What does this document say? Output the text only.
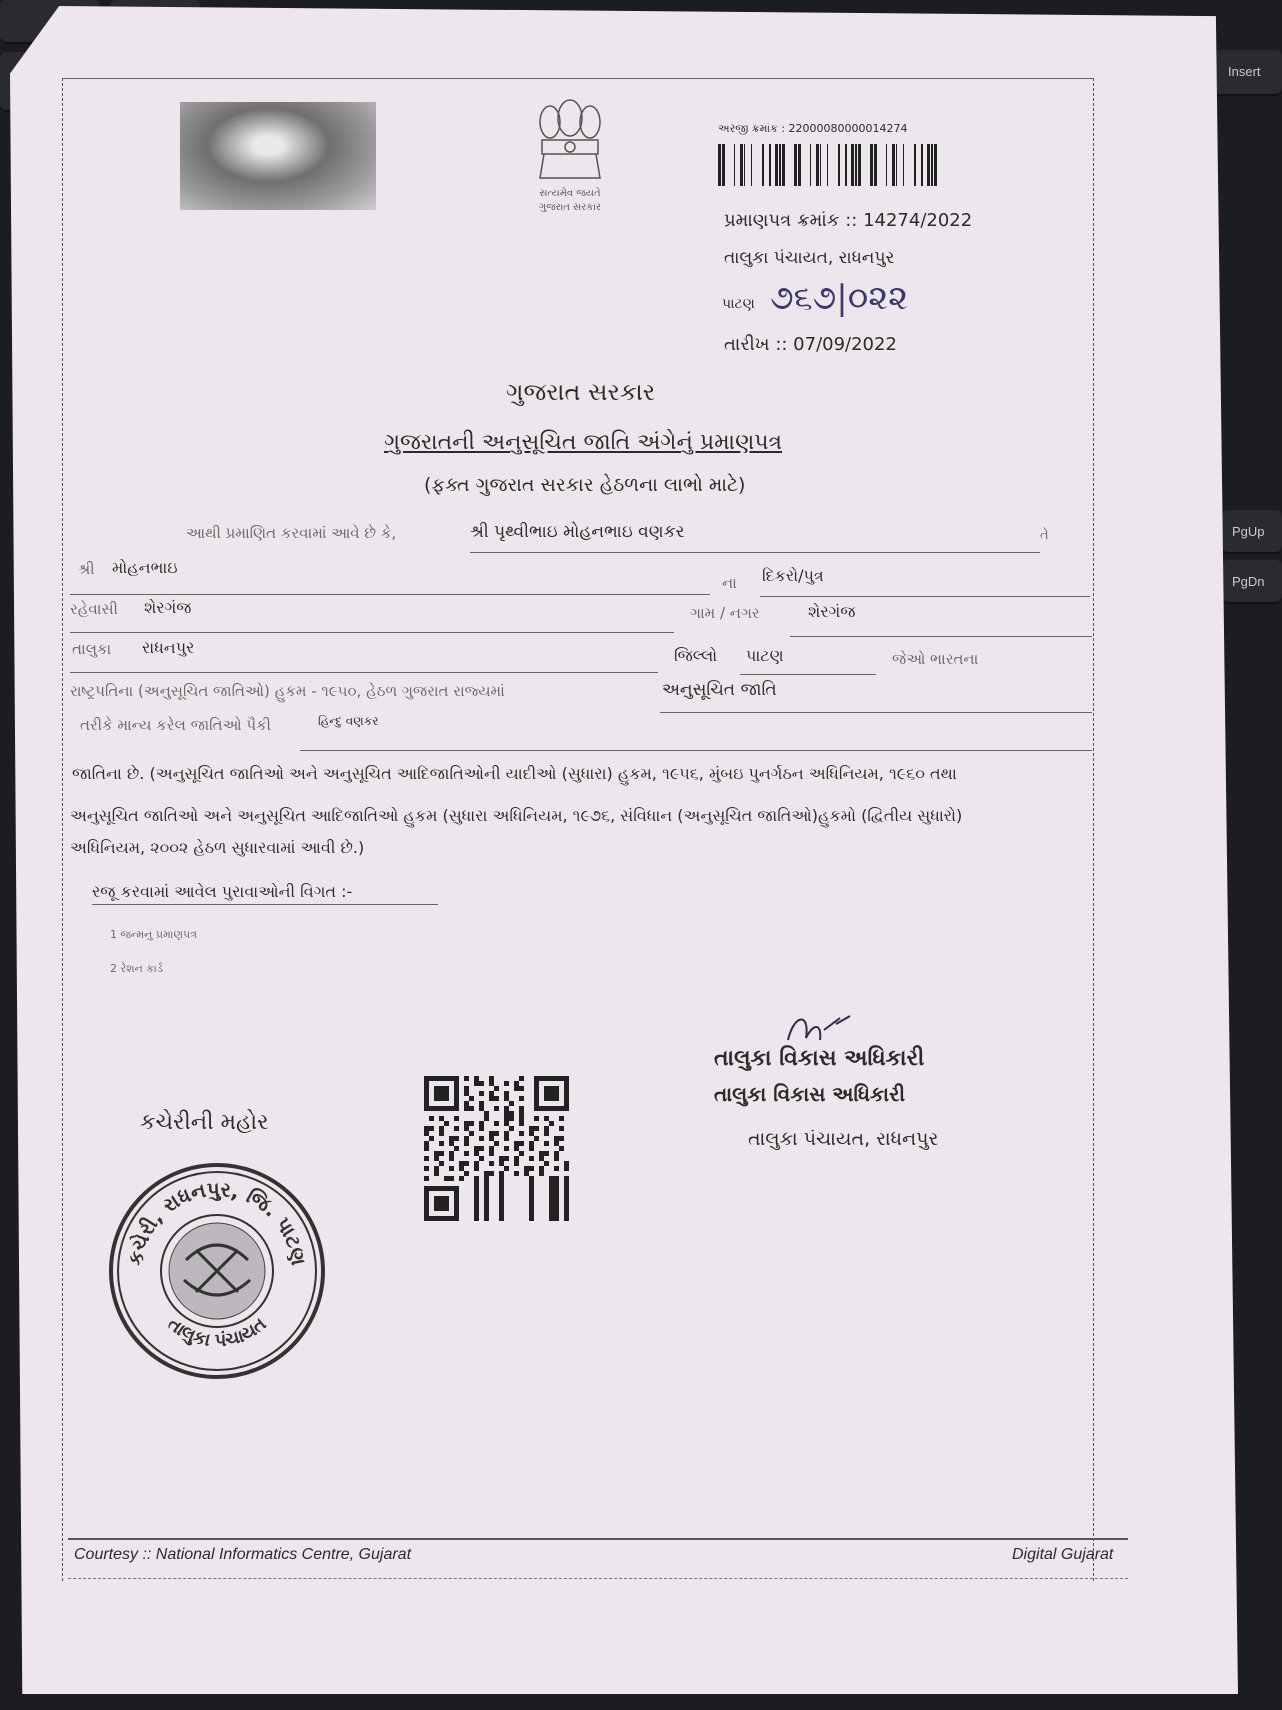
Insert
PgUp
PgDn
સત્યમેવ જયતે
ગુજરાત સરકાર
અરજી ક્રમાંક : 22000080000014274
પ્રમાણપત્ર ક્રમાંક :: 14274/2022
તાલુકા પંચાયત, રાધનપુર
પાટણ ૭૬૭|૦૨૨
તારીખ :: 07/09/2022
ગુજરાત સરકાર
ગુજરાતની અનુસૂચિત જાતિ અંગેનું પ્રમાણપત્ર
(ફક્ત ગુજરાત સરકાર હેઠળના લાભો માટે)
આથી પ્રમાણિત કરવામાં આવે છે કે,	શ્રી પૃથ્વીભાઇ મોહનભાઇ વણકર	તે
શ્રી મોહનભાઇ
ના દિકરો/પુત્ર
રહેવાસી શેરગંજ	ગામ / નગર	શેરગંજ
તાલુકા રાધનપુર	જિલ્લો પાટણ	જેઓ ભારતના
રાષ્ટ્રપતિના (અનુસૂચિત જાતિઓ) હુકમ - ૧૯૫૦, હેઠળ ગુજરાત રાજ્યમાં	અનુસૂચિત જાતિ
તરીકે માન્ય કરેલ જાતિઓ પૈકી	હિન્દુ વણકર
જાતિના છે. (અનુસૂચિત જાતિઓ અને અનુસૂચિત આદિજાતિઓની યાદીઓ (સુધારા) હુકમ, ૧૯૫૬, મુંબઇ પુનર્ગઠન અધિનિયમ, ૧૯૬૦ તથા
અનુસૂચિત જાતિઓ અને અનુસૂચિત આદિજાતિઓ હુકમ (સુધારા અધિનિયમ, ૧૯૭૬, સંવિધાન (અનુસૂચિત જાતિઓ)હુકમો (દ્વિતીય સુધારો)
અધિનિયમ, ૨૦૦૨ હેઠળ સુધારવામાં આવી છે.)
રજૂ કરવામાં આવેલ પુરાવાઓની વિગત :-
1 જન્મનું પ્રમાણપત્ર
2 રેશન કાર્ડ
તાલુકા વિકાસ અધિકારી
તાલુકા વિકાસ અધિકારી
તાલુકા પંચાયત, રાધનપુર
કચેરીની મહોર
કચેરી, રાધનપુર, જિ. પાટણ
તાલુકા પંચાયત
Courtesy :: National Informatics Centre, Gujarat	Digital Gujarat
